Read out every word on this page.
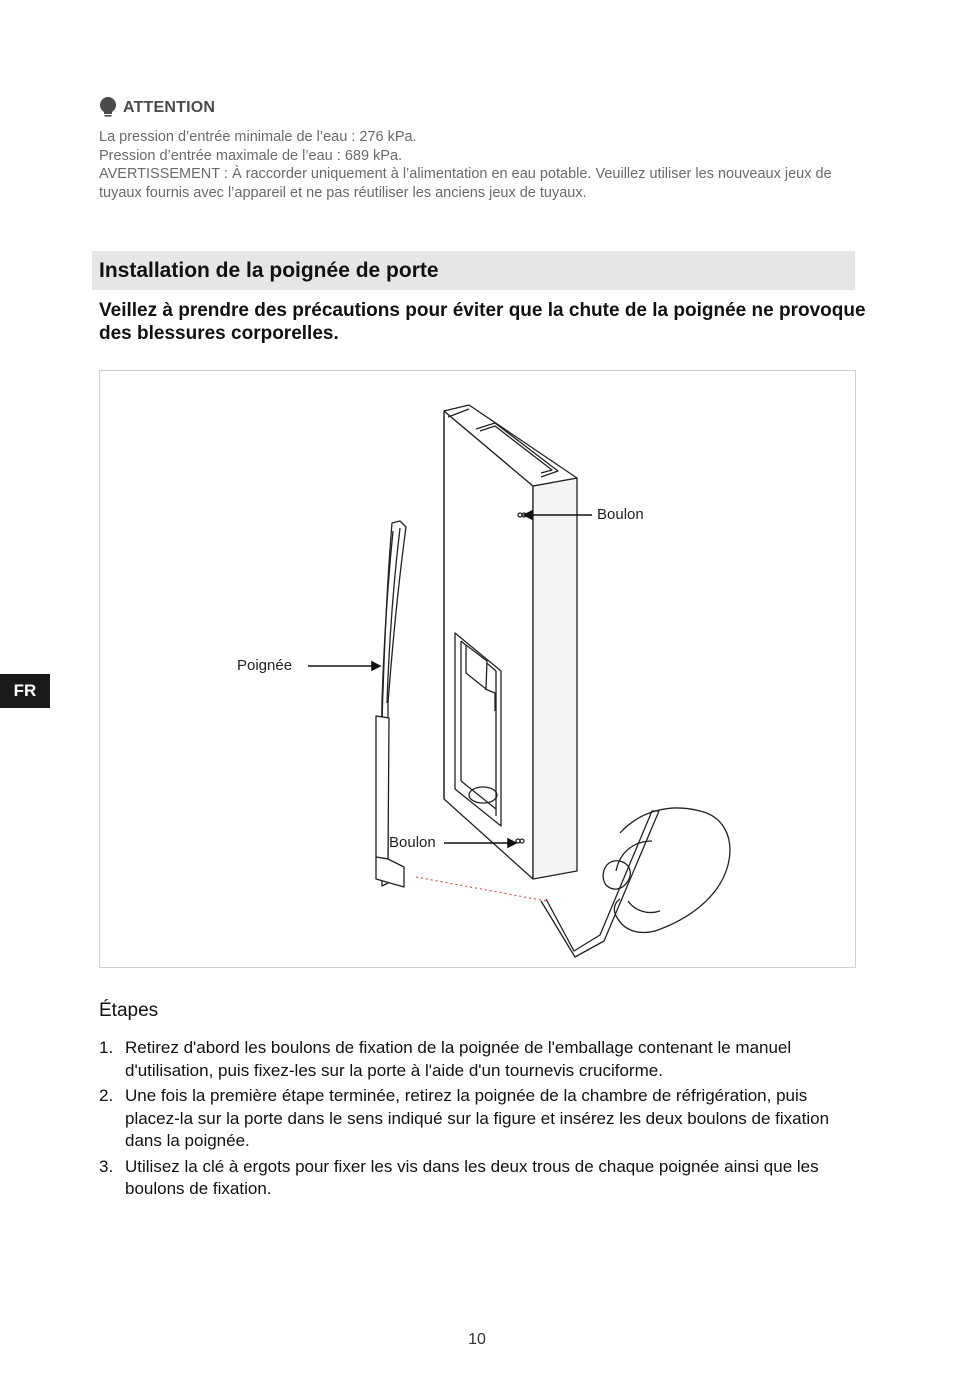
ATTENTION
La pression d’entrée minimale de l’eau : 276 kPa.
Pression d’entrée maximale de l’eau : 689 kPa.
AVERTISSEMENT : À raccorder uniquement à l’alimentation en eau potable. Veuillez utiliser les nouveaux jeux de tuyaux fournis avec l’appareil et ne pas réutiliser les anciens jeux de tuyaux.
Installation de la poignée de porte

Veillez à prendre des précautions pour éviter que la chute de la poignée ne provoque des blessures corporelles.

Boulon
Poignée
Boulon
Étapes
1. Retirez d'abord les boulons de fixation de la poignée de l'emballage contenant le manuel d'utilisation, puis fixez-les sur la porte à l'aide d'un tournevis cruciforme.
2. Une fois la première étape terminée, retirez la poignée de la chambre de réfrigération, puis placez-la sur la porte dans le sens indiqué sur la figure et insérez les deux boulons de fixation dans la poignée.
3. Utilisez la clé à ergots pour fixer les vis dans les deux trous de chaque poignée ainsi que les boulons de fixation.
FR
10
